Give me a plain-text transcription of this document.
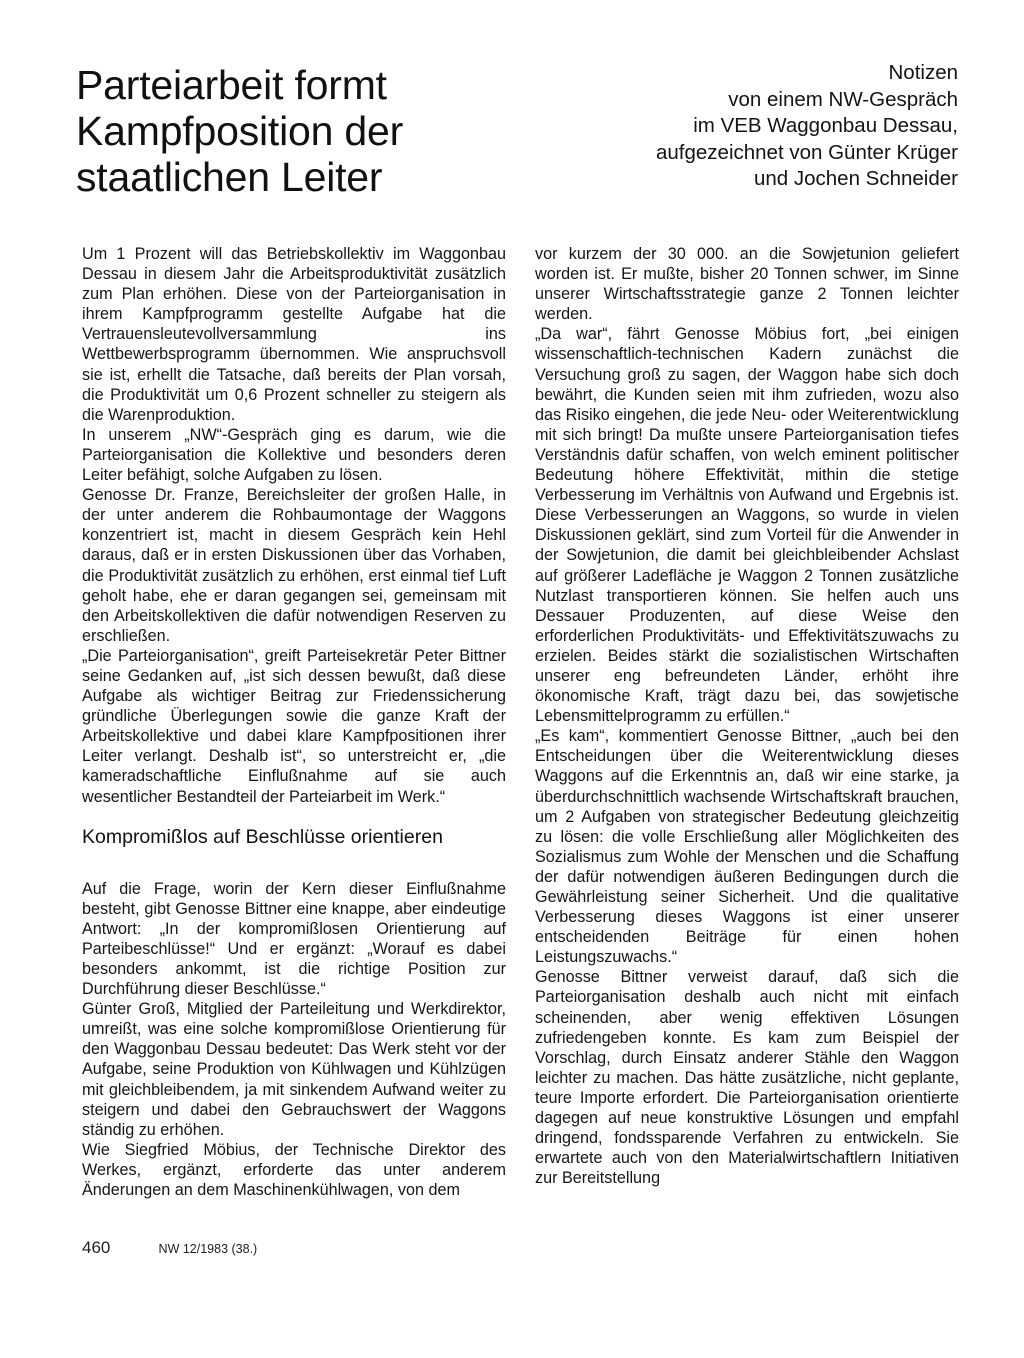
Parteiarbeit formt Kampfposition der staatlichen Leiter
Notizen
von einem NW-Gespräch
im VEB Waggonbau Dessau,
aufgezeichnet von Günter Krüger
und Jochen Schneider

Um 1 Prozent will das Betriebskollektiv im Waggonbau Dessau in diesem Jahr die Arbeitsproduktivität zusätzlich zum Plan erhöhen. Diese von der Parteiorganisation in ihrem Kampfprogramm gestellte Aufgabe hat die Vertrauensleutevollversammlung ins Wettbewerbsprogramm übernommen. Wie anspruchsvoll sie ist, erhellt die Tatsache, daß bereits der Plan vorsah, die Produktivität um 0,6 Prozent schneller zu steigern als die Warenproduktion.

In unserem „NW“-Gespräch ging es darum, wie die Parteiorganisation die Kollektive und besonders deren Leiter befähigt, solche Aufgaben zu lösen.

Genosse Dr. Franze, Bereichsleiter der großen Halle, in der unter anderem die Rohbaumontage der Waggons konzentriert ist, macht in diesem Gespräch kein Hehl daraus, daß er in ersten Diskussionen über das Vorhaben, die Produktivität zusätzlich zu erhöhen, erst einmal tief Luft geholt habe, ehe er daran gegangen sei, gemeinsam mit den Arbeitskollektiven die dafür notwendigen Reserven zu erschließen.

„Die Parteiorganisation“, greift Parteisekretär Peter Bittner seine Gedanken auf, „ist sich dessen bewußt, daß diese Aufgabe als wichtiger Beitrag zur Friedenssicherung gründliche Überlegungen sowie die ganze Kraft der Arbeitskollektive und dabei klare Kampfpositionen ihrer Leiter verlangt. Deshalb ist“, so unterstreicht er, „die kameradschaftliche Einflußnahme auf sie auch wesentlicher Bestandteil der Parteiarbeit im Werk.“

Kompromißlos auf Beschlüsse orientieren

Auf die Frage, worin der Kern dieser Einflußnahme besteht, gibt Genosse Bittner eine knappe, aber eindeutige Antwort: „In der kompromißlosen Orientierung auf Parteibeschlüsse!“ Und er ergänzt: „Worauf es dabei besonders ankommt, ist die richtige Position zur Durchführung dieser Beschlüsse.“

Günter Groß, Mitglied der Parteileitung und Werkdirektor, umreißt, was eine solche kompromißlose Orientierung für den Waggonbau Dessau bedeutet: Das Werk steht vor der Aufgabe, seine Produktion von Kühlwagen und Kühlzügen mit gleichbleibendem, ja mit sinkendem Aufwand weiter zu steigern und dabei den Gebrauchswert der Waggons ständig zu erhöhen.

Wie Siegfried Möbius, der Technische Direktor des Werkes, ergänzt, erforderte das unter anderem Änderungen an dem Maschinenkühlwagen, von dem

vor kurzem der 30 000. an die Sowjetunion geliefert worden ist. Er mußte, bisher 20 Tonnen schwer, im Sinne unserer Wirtschaftsstrategie ganze 2 Tonnen leichter werden.

„Da war“, fährt Genosse Möbius fort, „bei einigen wissenschaftlich-technischen Kadern zunächst die Versuchung groß zu sagen, der Waggon habe sich doch bewährt, die Kunden seien mit ihm zufrieden, wozu also das Risiko eingehen, die jede Neu- oder Weiterentwicklung mit sich bringt! Da mußte unsere Parteiorganisation tiefes Verständnis dafür schaffen, von welch eminent politischer Bedeutung höhere Effektivität, mithin die stetige Verbesserung im Verhältnis von Aufwand und Ergebnis ist. Diese Verbesserungen an Waggons, so wurde in vielen Diskussionen geklärt, sind zum Vorteil für die Anwender in der Sowjetunion, die damit bei gleichbleibender Achslast auf größerer Ladefläche je Waggon 2 Tonnen zusätzliche Nutzlast transportieren können. Sie helfen auch uns Dessauer Produzenten, auf diese Weise den erforderlichen Produktivitäts- und Effektivitätszuwachs zu erzielen. Beides stärkt die sozialistischen Wirtschaften unserer eng befreundeten Länder, erhöht ihre ökonomische Kraft, trägt dazu bei, das sowjetische Lebensmittelprogramm zu erfüllen.“

„Es kam“, kommentiert Genosse Bittner, „auch bei den Entscheidungen über die Weiterentwicklung dieses Waggons auf die Erkenntnis an, daß wir eine starke, ja überdurchschnittlich wachsende Wirtschaftskraft brauchen, um 2 Aufgaben von strategischer Bedeutung gleichzeitig zu lösen: die volle Erschließung aller Möglichkeiten des Sozialismus zum Wohle der Menschen und die Schaffung der dafür notwendigen äußeren Bedingungen durch die Gewährleistung seiner Sicherheit. Und die qualitative Verbesserung dieses Waggons ist einer unserer entscheidenden Beiträge für einen hohen Leistungszuwachs.“

Genosse Bittner verweist darauf, daß sich die Parteiorganisation deshalb auch nicht mit einfach scheinenden, aber wenig effektiven Lösungen zufriedengeben konnte. Es kam zum Beispiel der Vorschlag, durch Einsatz anderer Stähle den Waggon leichter zu machen. Das hätte zusätzliche, nicht geplante, teure Importe erfordert. Die Parteiorganisation orientierte dagegen auf neue konstruktive Lösungen und empfahl dringend, fondssparende Verfahren zu entwickeln. Sie erwartete auch von den Materialwirtschaftlern Initiativen zur Bereitstellung

460	NW 12/1983 (38.)
